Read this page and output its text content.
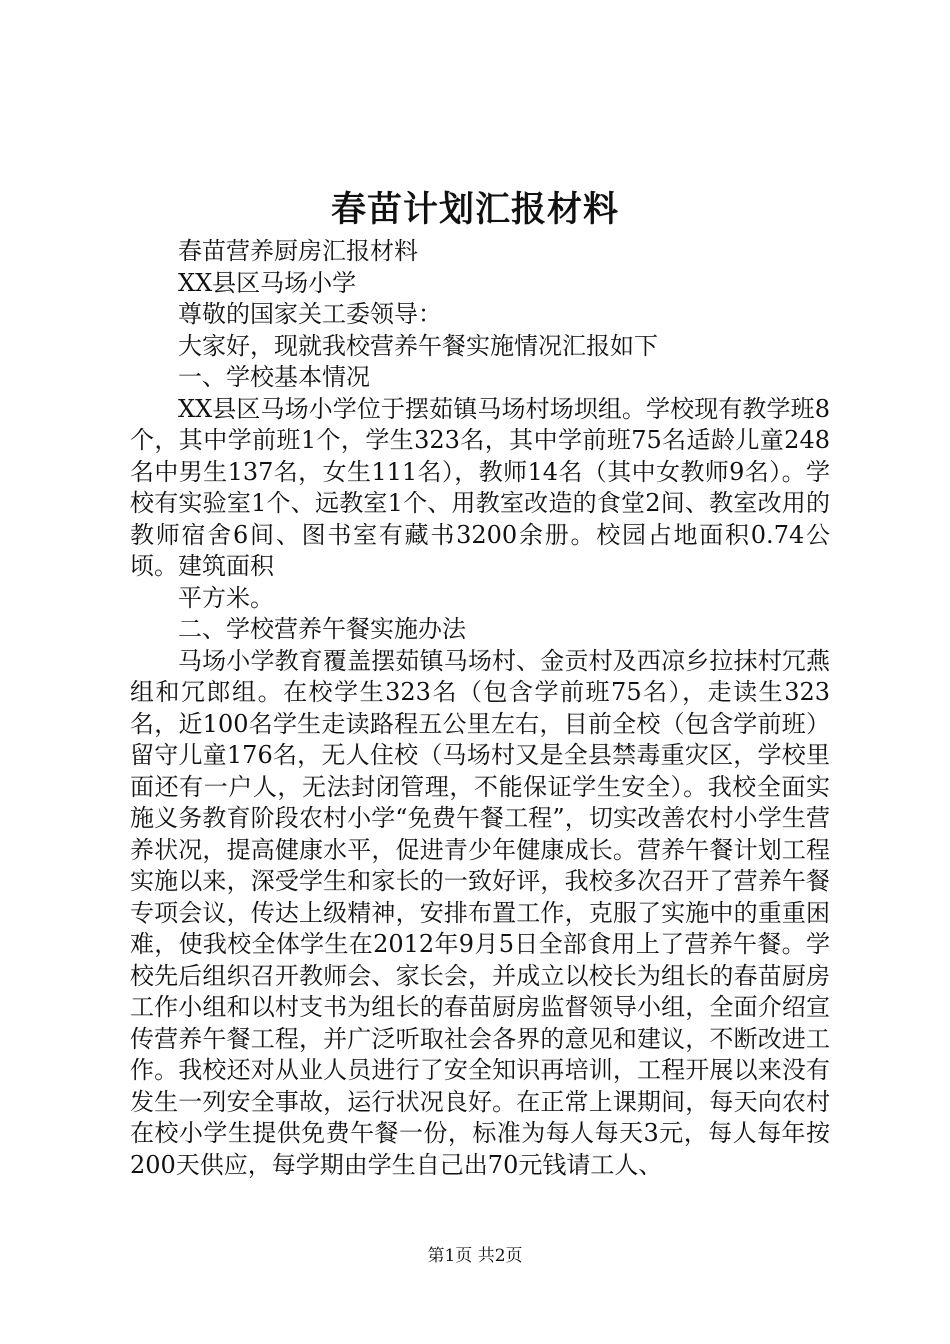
春苗计划汇报材料

春苗营养厨房汇报材料

XX县区马场小学

尊敬的国家关工委领导：

大家好，现就我校营养午餐实施情况汇报如下

一、学校基本情况

XX县区马场小学位于摆茹镇马场村场坝组。学校现有教学班8个，其中学前班1个，学生323名，其中学前班75名适龄儿童248名中男生137名，女生111名），教师14名（其中女教师9名）。学校有实验室1个、远教室1个、用教室改造的食堂2间、教室改用的教师宿舍6间、图书室有藏书3200余册。校园占地面积0.74公顷。建筑面积

平方米。

二、学校营养午餐实施办法

马场小学教育覆盖摆茹镇马场村、金贡村及西凉乡拉抹村冗燕组和冗郎组。在校学生323名（包含学前班75名），走读生323名，近100名学生走读路程五公里左右，目前全校（包含学前班）留守儿童176名，无人住校（马场村又是全县禁毒重灾区，学校里面还有一户人，无法封闭管理，不能保证学生安全）。我校全面实施义务教育阶段农村小学“免费午餐工程”，切实改善农村小学生营养状况，提高健康水平，促进青少年健康成长。营养午餐计划工程实施以来，深受学生和家长的一致好评，我校多次召开了营养午餐专项会议，传达上级精神，安排布置工作，克服了实施中的重重困难，使我校全体学生在2012年9月5日全部食用上了营养午餐。学校先后组织召开教师会、家长会，并成立以校长为组长的春苗厨房工作小组和以村支书为组长的春苗厨房监督领导小组，全面介绍宣传营养午餐工程，并广泛听取社会各界的意见和建议，不断改进工作。我校还对从业人员进行了安全知识再培训，工程开展以来没有发生一列安全事故，运行状况良好。在正常上课期间，每天向农村在校小学生提供免费午餐一份，标准为每人每天3元，每人每年按200天供应，每学期由学生自己出70元钱请工人、

第1页 共2页
